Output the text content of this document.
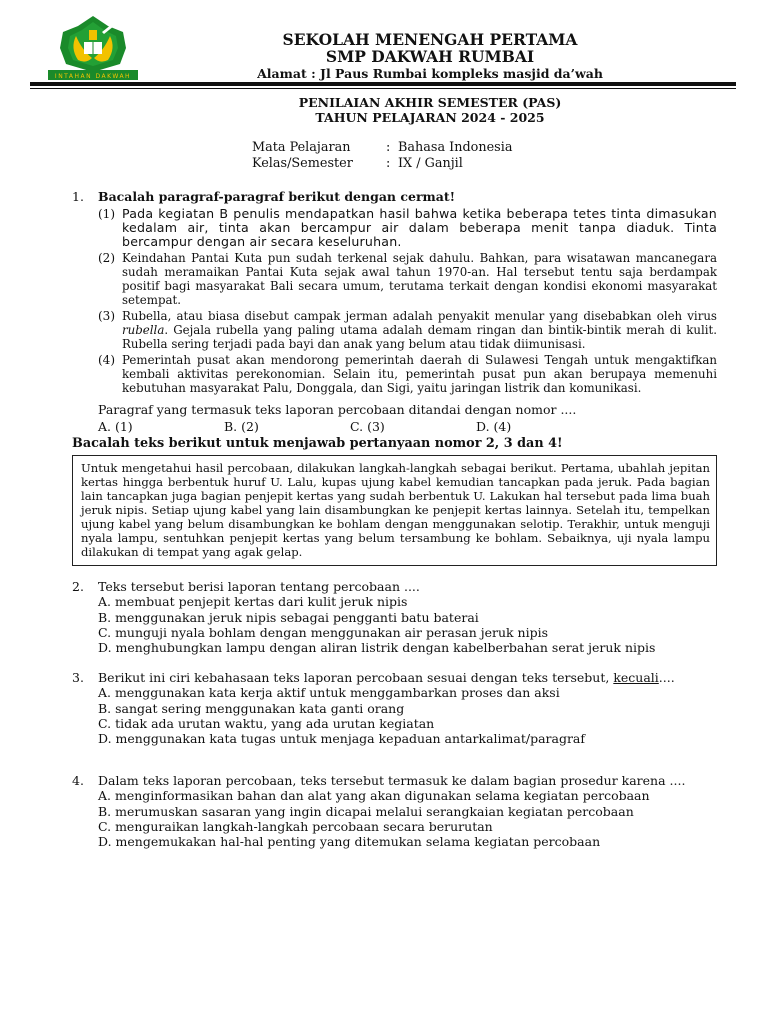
INTAHAN DAKWAH
SEKOLAH MENENGAH PERTAMA
SMP DAKWAH RUMBAI
Alamat : Jl Paus Rumbai kompleks masjid da’wah
PENILAIAN AKHIR SEMESTER (PAS)
TAHUN PELAJARAN 2024 - 2025
Mata Pelajaran	:	Bahasa Indonesia
Kelas/Semester	:	IX / Ganjil
1. Bacalah paragraf-paragraf berikut dengan cermat!
(1) Pada kegiatan B penulis mendapatkan hasil bahwa ketika beberapa tetes tinta dimasukan kedalam air, tinta akan bercampur air dalam beberapa menit tanpa diaduk. Tinta bercampur dengan air secara keseluruhan.
(2) Keindahan Pantai Kuta pun sudah terkenal sejak dahulu. Bahkan, para wisatawan mancanegara sudah meramaikan Pantai Kuta sejak awal tahun 1970-an. Hal tersebut tentu saja berdampak positif bagi masyarakat Bali secara umum, terutama terkait dengan kondisi ekonomi masyarakat setempat.
(3) Rubella, atau biasa disebut campak jerman adalah penyakit menular yang disebabkan oleh virus rubella. Gejala rubella yang paling utama adalah demam ringan dan bintik-bintik merah di kulit. Rubella sering terjadi pada bayi dan anak yang belum atau tidak diimunisasi.
(4) Pemerintah pusat akan mendorong pemerintah daerah di Sulawesi Tengah untuk mengaktifkan kembali aktivitas perekonomian. Selain itu, pemerintah pusat pun akan berupaya memenuhi kebutuhan masyarakat Palu, Donggala, dan Sigi, yaitu jaringan listrik dan komunikasi.
Paragraf yang termasuk teks laporan percobaan ditandai dengan nomor ....
A. (1)	B. (2)	C. (3)	D. (4)
Bacalah teks berikut untuk menjawab pertanyaan nomor 2, 3 dan 4!
Untuk mengetahui hasil percobaan, dilakukan langkah-langkah sebagai berikut. Pertama, ubahlah jepitan kertas hingga berbentuk huruf U. Lalu, kupas ujung kabel kemudian tancapkan pada jeruk. Pada bagian lain tancapkan juga bagian penjepit kertas yang sudah berbentuk U. Lakukan hal tersebut pada lima buah jeruk nipis. Setiap ujung kabel yang lain disambungkan ke penjepit kertas lainnya. Setelah itu, tempelkan ujung kabel yang belum disambungkan ke bohlam dengan menggunakan selotip. Terakhir, untuk menguji nyala lampu, sentuhkan penjepit kertas yang belum tersambung ke bohlam. Sebaiknya, uji nyala lampu dilakukan di tempat yang agak gelap.
2. Teks tersebut berisi laporan tentang percobaan ....
A. membuat penjepit kertas dari kulit jeruk nipis
B. menggunakan jeruk nipis sebagai pengganti batu baterai
C. munguji nyala bohlam dengan menggunakan air perasan jeruk nipis
D. menghubungkan lampu dengan aliran listrik dengan kabelberbahan serat jeruk nipis
3. Berikut ini ciri kebahasaan teks laporan percobaan sesuai dengan teks tersebut, kecuali....
A. menggunakan kata kerja aktif untuk menggambarkan proses dan aksi
B. sangat sering menggunakan kata ganti orang
C. tidak ada urutan waktu, yang ada urutan kegiatan
D. menggunakan kata tugas untuk menjaga kepaduan antarkalimat/paragraf
4. Dalam teks laporan percobaan, teks tersebut termasuk ke dalam bagian prosedur karena ....
A. menginformasikan bahan dan alat yang akan digunakan selama kegiatan percobaan
B. merumuskan sasaran yang ingin dicapai melalui serangkaian kegiatan percobaan
C. menguraikan langkah-langkah percobaan secara berurutan
D. mengemukakan hal-hal penting yang ditemukan selama kegiatan percobaan
